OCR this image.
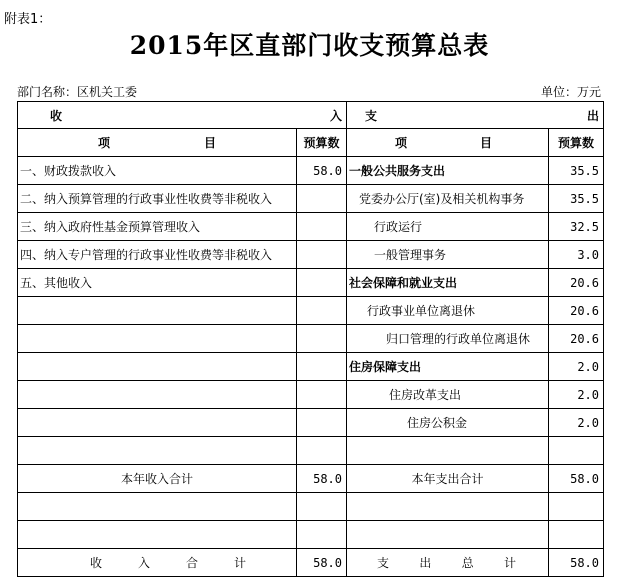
附表1：
2015年区直部门收支预算总表
部门名称：区机关工委	单位：万元
收 入		支 出	

项 目	预算数	项 目	预算数
一、财政拨款收入	58.0	一般公共服务支出	35.5
二、纳入预算管理的行政事业性收费等非税收入		党委办公厅(室)及相关机构事务	35.5
三、纳入政府性基金预算管理收入		行政运行	32.5
四、纳入专户管理的行政事业性收费等非税收入		一般管理事务	3.0
五、其他收入		社会保障和就业支出	20.6
		行政事业单位离退休	20.6
		归口管理的行政单位离退休	20.6
		住房保障支出	2.0
		住房改革支出	2.0
		住房公积金	2.0

本年收入合计	58.0	本年支出合计	58.0

收 入 合 计	58.0	支 出 总 计	58.0
